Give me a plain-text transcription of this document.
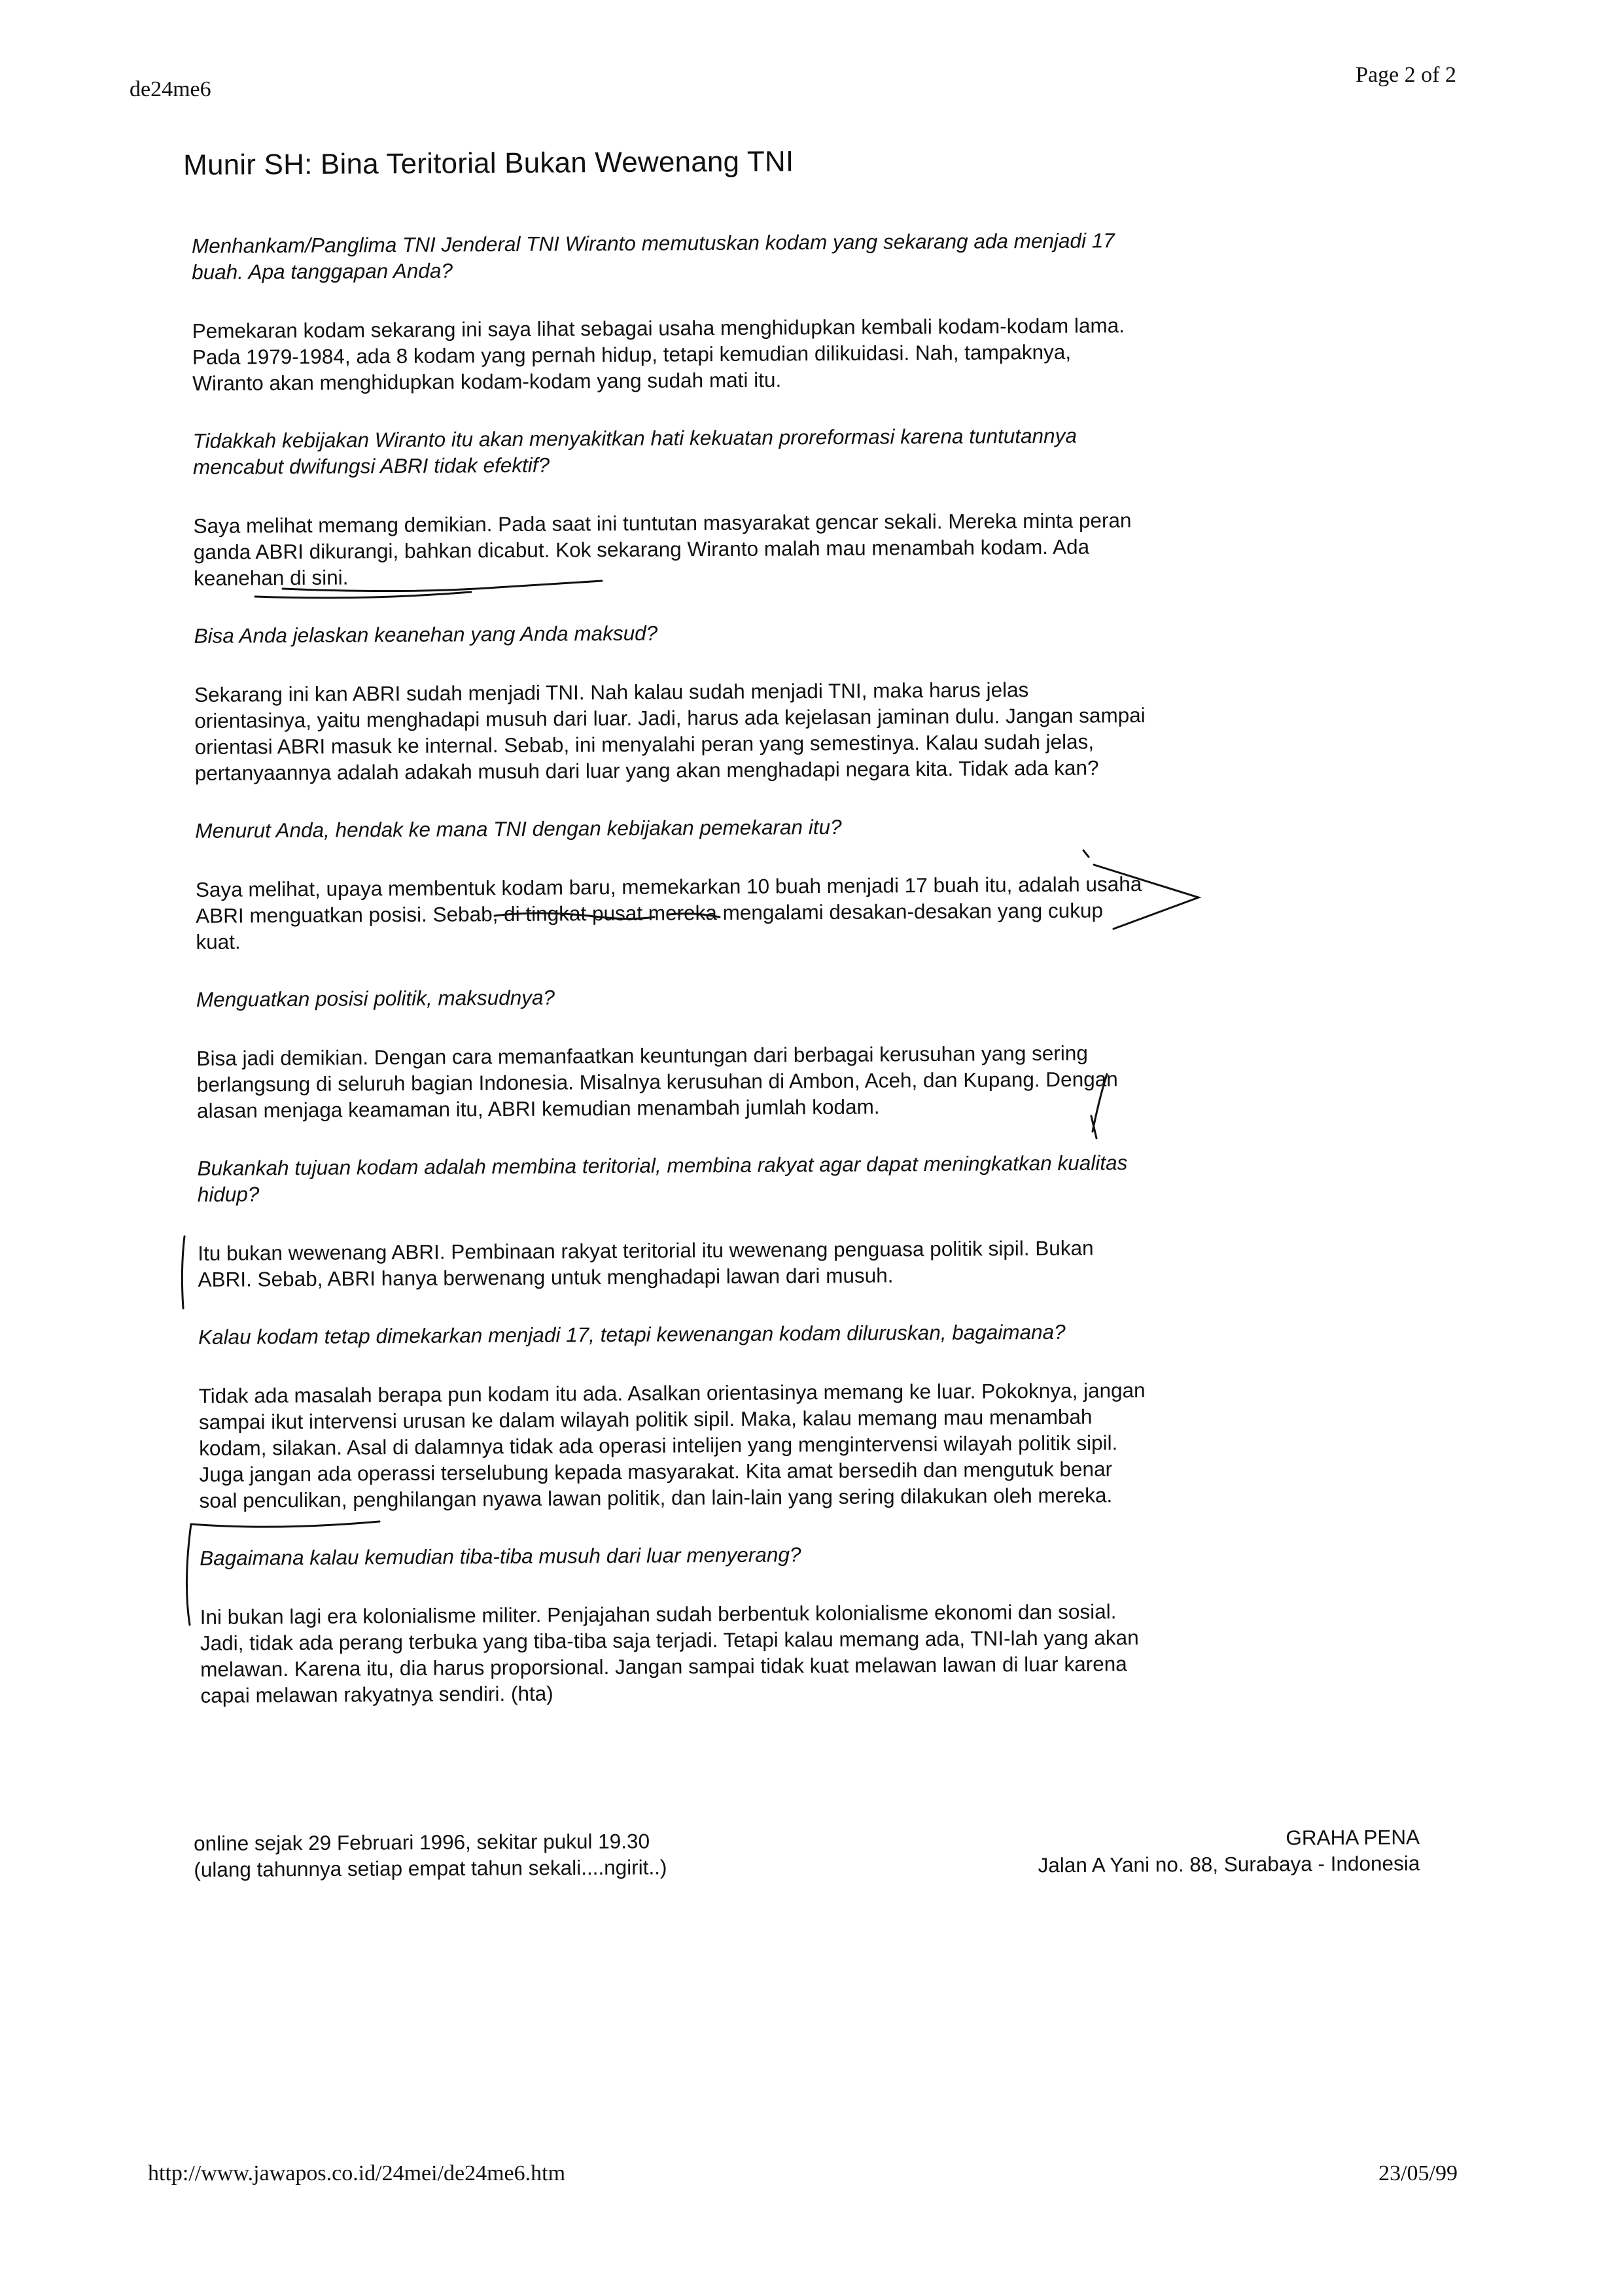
de24me6
Page 2 of 2
Munir SH: Bina Teritorial Bukan Wewenang TNI

Menhankam/Panglima TNI Jenderal TNI Wiranto memutuskan kodam yang sekarang ada menjadi 17 buah. Apa tanggapan Anda?

Pemekaran kodam sekarang ini saya lihat sebagai usaha menghidupkan kembali kodam-kodam lama. Pada 1979-1984, ada 8 kodam yang pernah hidup, tetapi kemudian dilikuidasi. Nah, tampaknya, Wiranto akan menghidupkan kodam-kodam yang sudah mati itu.

Tidakkah kebijakan Wiranto itu akan menyakitkan hati kekuatan proreformasi karena tuntutannya mencabut dwifungsi ABRI tidak efektif?

Saya melihat memang demikian. Pada saat ini tuntutan masyarakat gencar sekali. Mereka minta peran ganda ABRI dikurangi, bahkan dicabut. Kok sekarang Wiranto malah mau menambah kodam. Ada keanehan di sini.

Bisa Anda jelaskan keanehan yang Anda maksud?

Sekarang ini kan ABRI sudah menjadi TNI. Nah kalau sudah menjadi TNI, maka harus jelas orientasinya, yaitu menghadapi musuh dari luar. Jadi, harus ada kejelasan jaminan dulu. Jangan sampai orientasi ABRI masuk ke internal. Sebab, ini menyalahi peran yang semestinya. Kalau sudah jelas, pertanyaannya adalah adakah musuh dari luar yang akan menghadapi negara kita. Tidak ada kan?

Menurut Anda, hendak ke mana TNI dengan kebijakan pemekaran itu?

Saya melihat, upaya membentuk kodam baru, memekarkan 10 buah menjadi 17 buah itu, adalah usaha ABRI menguatkan posisi. Sebab, di tingkat pusat mereka mengalami desakan-desakan yang cukup kuat.

Menguatkan posisi politik, maksudnya?

Bisa jadi demikian. Dengan cara memanfaatkan keuntungan dari berbagai kerusuhan yang sering berlangsung di seluruh bagian Indonesia. Misalnya kerusuhan di Ambon, Aceh, dan Kupang. Dengan alasan menjaga keamaman itu, ABRI kemudian menambah jumlah kodam.

Bukankah tujuan kodam adalah membina teritorial, membina rakyat agar dapat meningkatkan kualitas hidup?

Itu bukan wewenang ABRI. Pembinaan rakyat teritorial itu wewenang penguasa politik sipil. Bukan ABRI. Sebab, ABRI hanya berwenang untuk menghadapi lawan dari musuh.

Kalau kodam tetap dimekarkan menjadi 17, tetapi kewenangan kodam diluruskan, bagaimana?

Tidak ada masalah berapa pun kodam itu ada. Asalkan orientasinya memang ke luar. Pokoknya, jangan sampai ikut intervensi urusan ke dalam wilayah politik sipil. Maka, kalau memang mau menambah kodam, silakan. Asal di dalamnya tidak ada operasi intelijen yang mengintervensi wilayah politik sipil. Juga jangan ada operassi terselubung kepada masyarakat. Kita amat bersedih dan mengutuk benar soal penculikan, penghilangan nyawa lawan politik, dan lain-lain yang sering dilakukan oleh mereka.

Bagaimana kalau kemudian tiba-tiba musuh dari luar menyerang?

Ini bukan lagi era kolonialisme militer. Penjajahan sudah berbentuk kolonialisme ekonomi dan sosial. Jadi, tidak ada perang terbuka yang tiba-tiba saja terjadi. Tetapi kalau memang ada, TNI-lah yang akan melawan. Karena itu, dia harus proporsional. Jangan sampai tidak kuat melawan lawan di luar karena capai melawan rakyatnya sendiri. (hta)

online sejak 29 Februari 1996, sekitar pukul 19.30
(ulang tahunnya setiap empat tahun sekali....ngirit..)
GRAHA PENA
Jalan A Yani no. 88, Surabaya - Indonesia
http://www.jawapos.co.id/24mei/de24me6.htm	23/05/99
